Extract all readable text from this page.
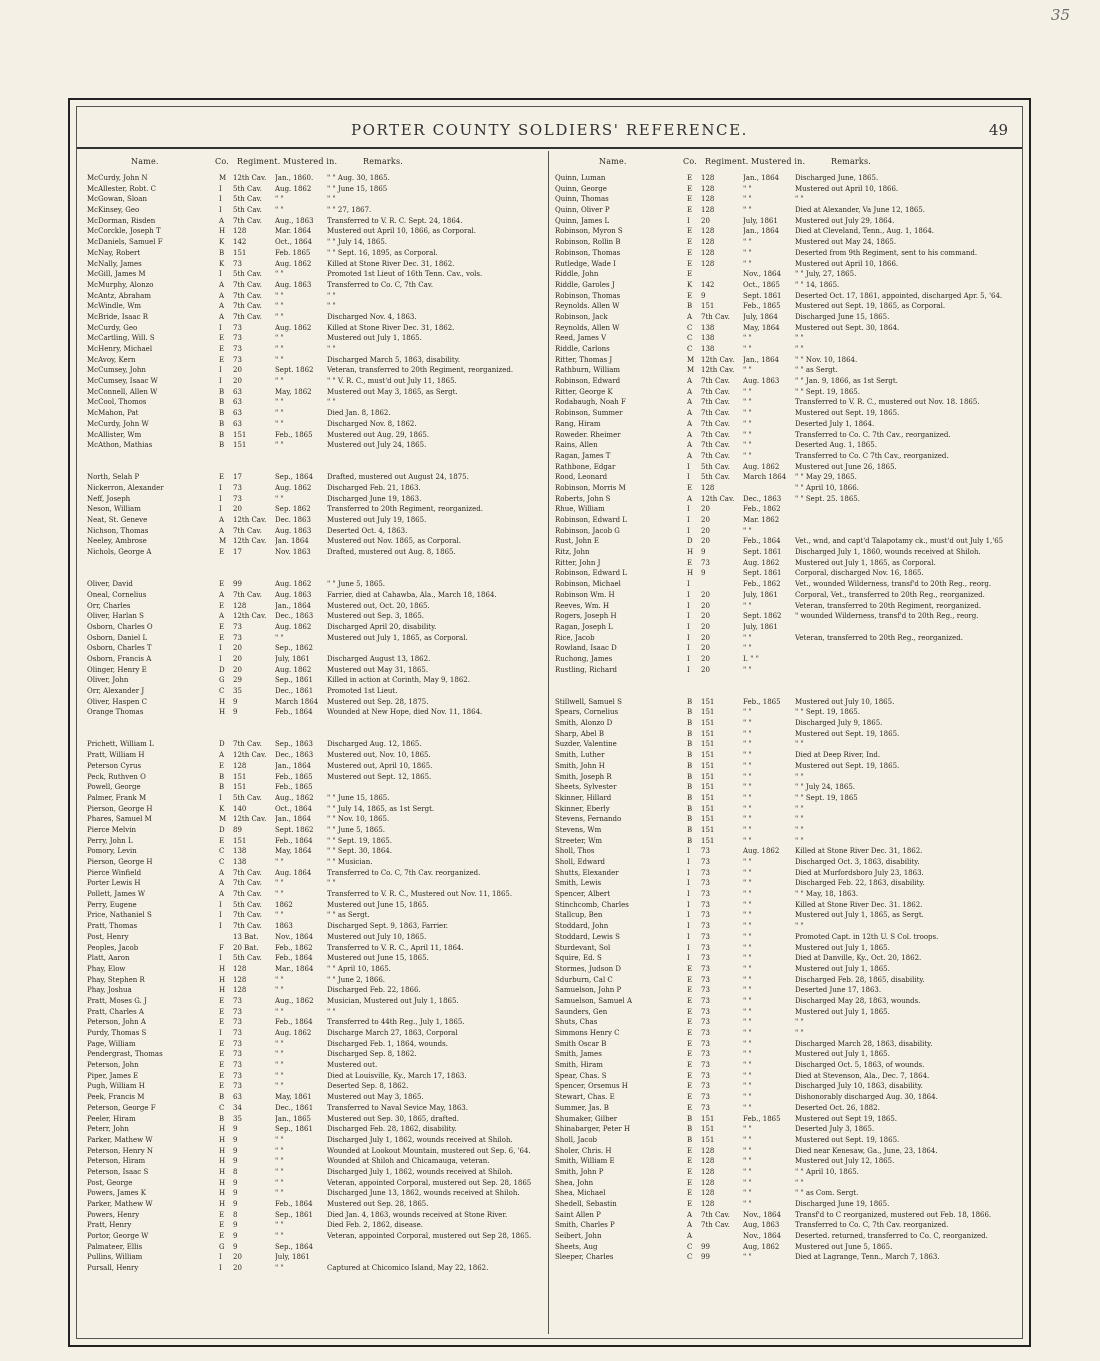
35
PORTER COUNTY SOLDIERS' REFERENCE.	49
Name.	Co. Regiment. Mustered in.	Remarks.
McCurdy, John N	M 12th Cav.	Jan., 1860.	" " Aug. 30, 1865.
McAllester, Robt. C	I	5th Cav.	Aug. 1862	" " June 15, 1865
McGowan, Sloan	I	5th Cav.	" "	" "
McKinsey, Geo	I	5th Cav.	" "	" " 27, 1867.
McDorman, Risden	A	7th Cav.	Aug., 1863	Transferred to V. R. C. Sept. 24, 1864.
McCorckle, Joseph T	H	128	Mar. 1864	Mustered out April 10, 1866, as Corporal.
McDaniels, Samuel F	K	142	Oct., 1864	" " July 14, 1865.
McNay, Robert	B	151	Feb. 1865	" " Sept. 16, 1895, as Corporal.
McNally, James	K	73	Aug. 1862	Killed at Stone River Dec. 31, 1862.
McGill, James M	I	5th Cav.	" "	Promoted 1st Lieut of 16th Tenn. Cav., vols.
McMurphy, Alonzo	A	7th Cav.	Aug. 1863	Transferred to Co. C, 7th Cav.
McAntz, Abraham	A	7th Cav.	" "	" "
McWindle, Wm	A	7th Cav.	" "	" "
McBride, Isaac R	A	7th Cav.	" "	Discharged Nov. 4, 1863.
McCurdy, Geo	I	73	Aug. 1862	Killed at Stone River Dec. 31, 1862.
McCartling, Will. S	E	73	" "	Mustered out July 1, 1865.
McHenry, Michael	E	73	" "	" "
McAvoy, Kern	E	73	" "	Discharged March 5, 1863, disability.
McCumsey, John	I	20	Sept. 1862	Veteran, transferred to 20th Regiment, reorganized.
McCumsey, Isaac W	I	20	" "	" " V. R. C., must'd out July 11, 1865.
McConnell, Allen W	B	63	May, 1862	Mustered out May 3, 1865, as Sergt.
McCool, Thomos	B	63	" "	" "
McMahon, Pat	B	63	" "	Died Jan. 8, 1862.
McCurdy, John W	B	63	" "	Discharged Nov. 8, 1862.
McAllister, Wm	B	151	Feb., 1865	Mustered out Aug. 29, 1865.
McAthon, Mathias	B	151	" "	Mustered out July 24, 1865.
North, Selah P	E	17	Sep., 1864	Drafted, mustered out August 24, 1875.
Nickerron, Alexander	I	73	Aug. 1862	Discharged Feb. 21, 1863.
Neff, Joseph	I	73	" "	Discharged June 19, 1863.
Neson, William	I	20	Sep. 1862	Transferred to 20th Regiment, reorganized.
Neat, St. Geneve	A	12th Cav.	Dec. 1863	Mustered out July 19, 1865.
Nichson, Thomas	A	7th Cav.	Aug. 1863	Deserted Oct. 4, 1863.
Neeley, Ambrose	M 12th Cav.	Jan. 1864	Mustered out Nov. 1865, as Corporal.
Nichols, George A	E	17	Nov. 1863	Drafted, mustered out Aug. 8, 1865.
Oliver, David	E	99	Aug. 1862	" " June 5, 1865.
Oneal, Cornelius	A	7th Cav.	Aug. 1863	Farrier, died at Cahawba, Ala., March 18, 1864.
Orr, Charles	E	128	Jan., 1864	Mustered out, Oct. 20, 1865.
Oliver, Harlan S	A	12th Cav.	Dec., 1863	Mustered out Sep. 3, 1865.
Osborn, Charles O	E	73	Aug. 1862	Discharged April 20, disability.
Osborn, Daniel L	E	73	" "	Mustered out July 1, 1865, as Corporal.
Osborn, Charles T	I	20	Sep., 1862
Osborn, Francis A	I	20	July, 1861	Discharged August 13, 1862.
Olinger, Henry E	D	20	Aug. 1862	Mustered out May 31, 1865.
Oliver, John	G	29	Sep., 1861	Killed in action at Corinth, May 9, 1862.
Orr, Alexander J	C	35	Dec., 1861	Promoted 1st Lieut.
Oliver, Haspen C	H	9	March 1864	Mustered out Sep. 28, 1875.
Orange Thomas	H	9	Feb., 1864	Wounded at New Hope, died Nov. 11, 1864.
Prichett, William L	D	7th Cav.	Sep., 1863	Discharged Aug. 12, 1865.
Pratt, William H	A	12th Cav.	Dec., 1863	Mustered out, Nov. 10, 1865.
Peterson Cyrus	E	128	Jan., 1864	Mustered out, April 10, 1865.
Peck, Ruthven O	B	151	Feb., 1865	Mustered out Sept. 12, 1865.
Powell, George	B	151	Feb., 1865
Palmer, Frank M	I	5th Cav.	Aug., 1862	" " June 15, 1865.
Pierson, George H	K	140	Oct., 1864	" " July 14, 1865, as 1st Sergt.
Phares, Samuel M	M 12th Cav.	Jan., 1864	" " Nov. 10, 1865.
Pierce Melvin	D	89	Sept. 1862	" " June 5, 1865.
Perry, John L	E	151	Feb., 1864	" " Sept. 19, 1865.
Pomory, Levin	C	138	May, 1864	" " Sept. 30, 1864.
Pierson, George H	C	138	" "	" " Musician.
Pierce Winfield	A	7th Cav.	Aug. 1864	Transferred to Co. C, 7th Cav. reorganized.
Porter Lewis H	A	7th Cav.	" "	" "
Pollett, James W	A	7th Cav.	" "	Transferred to V. R. C., Mustered out Nov. 11, 1865.
Perry, Eugene	I	5th Cav.	1862	Mustered out June 15, 1865.
Price, Nathaniel S	I	7th Cav.	" "	" " as Sergt.
Pratt, Thomas	I	7th Cav.	1863	Discharged Sept. 9, 1863, Farrier.
Post, Henry	13 Bat.	Nov., 1864	Mustered out July 10, 1865.
Peoples, Jacob	F	20 Bat.	Feb., 1862	Transferred to V. R. C., April 11, 1864.
Platt, Aaron	I	5th Cav.	Feb., 1864	Mustered out June 15, 1865.
Phay, Elow	H	128	Mar., 1864	" " April 10, 1865.
Phay, Stephen R	H	128	" "	" " June 2, 1866.
Phay, Joshua	H	128	" "	Discharged Feb. 22, 1866.
Pratt, Moses G. J	E	73	Aug., 1862	Musician, Mustered out July 1, 1865.
Pratt, Charles A	E	73	" "	" "
Peterson, John A	E	73	Feb., 1864	Transferred to 44th Reg., July 1, 1865.
Purdy, Thomas S	I	73	Aug. 1862	Discharge March 27, 1863, Corporal
Page, William	E	73	" "	Discharged Feb. 1, 1864, wounds.
Pendergrast, Thomas	E	73	" "	Discharged Sep. 8, 1862.
Peterson, John	E	73	" "	Mustered out.
Piper, James E	E	73	" "	Died at Louisville, Ky., March 17, 1863.
Pugh, William H	E	73	" "	Deserted Sep. 8, 1862.
Peek, Francis M	B	63	May, 1861	Mustered out May 3, 1865.
Peterson, George F	C	34	Dec., 1861	Transferred to Naval Sevice May, 1863.
Peeler, Hiram	B	35	Jan., 1865	Mustered out Sep. 30, 1865, drafted.
Peterr, John	H	9	Sep., 1861	Discharged Feb. 28, 1862, disability.
Parker, Mathew W	H	9	" "	Discharged July 1, 1862, wounds received at Shiloh.
Peterson, Henry N	H	9	" "	Wounded at Lookout Mountain, mustered out Sep. 6, '64.
Peterson, Hiram	H	9	" "	Wounded at Shiloh and Chicamauga, veteran.
Peterson, Isaac S	H	8	" "	Discharged July 1, 1862, wounds received at Shiloh.
Post, George	H	9	" "	Veteran, appointed Corporal, mustered out Sep. 28, 1865
Powers, James K	H	9	" "	Discharged June 13, 1862, wounds received at Shiloh.
Parker, Mathew W	H	9	Feb., 1864	Mustered out Sep. 28, 1865.
Powers, Henry	E	8	Sep., 1861	Died Jan. 4, 1863, wounds received at Stone River.
Pratt, Henry	E	9	" "	Died Feb. 2, 1862, disease.
Portor, George W	E	9	" "	Veteran, appointed Corporal, mustered out Sep 28, 1865.
Palmateer, Ellis	G	9	Sep., 1864
Pullins, William	I	20	July, 1861
Pursall, Henry	I	20	" "	Captured at Chicomico Island, May 22, 1862.
Name.	Co. Regiment. Mustered in.	Remarks.
Quinn, Luman	E	128	Jan., 1864	Discharged June, 1865.
Quinn, George	E	128	" "	Mustered out April 10, 1866.
Quinn, Thomas	E	128	" "	" "
Quinn, Oliver P	E	128	" "	Died at Alexander, Va June 12, 1865.
Quinn, James L	I	20	July, 1861	Mustered out July 29, 1864.
Robinson, Myron S	E	128	Jan., 1864	Died at Cleveland, Tenn., Aug. 1, 1864.
Robinson, Rollin B	E	128	" "	Mustered out May 24, 1865.
Robinson, Thomas	E	128	" "	Deserted from 9th Regiment, sent to his command.
Rutledge, Wade I	E	128	" "	Mustered out April 10, 1866.
Riddle, John	E	Nov., 1864	" " July, 27, 1865.
Riddle, Garoles J	K	142	Oct., 1865	" " 14, 1865.
Robinson, Thomas	E	9	Sept. 1861	Deserted Oct. 17, 1861, appointed, discharged Apr. 5, '64.
Reynolds. Allen W	B	151	Feb., 1865	Mustered out Sept. 19, 1865, as Corporal.
Robinson, Jack	A	7th Cav.	July, 1864	Discharged June 15, 1865.
Reynolds, Allen W	C	138	May, 1864	Mustered out Sept. 30, 1864.
Reed, James V	C	138	" "	" "
Riddle, Carlons	C	138	" "	" "
Ritter, Thomas J	M 12th Cav.	Jan., 1864	" " Nov. 10, 1864.
Rathburn, William	M 12th Cav.	" "	" " as Sergt.
Robinson, Edward	A	7th Cav.	Aug. 1863	" " Jan. 9, 1866, as 1st Sergt.
Ritter, George K	A	7th Cav.	" "	" " Sept. 19, 1865.
Rodabaugh, Noah F	A	7th Cav.	" "	Transferred to V. R. C., mustered out Nov. 18. 1865.
Robinson, Summer	A	7th Cav.	" "	Mustered out Sept. 19, 1865.
Rang, Hiram	A	7th Cav.	" "	Deserted July 1, 1864.
Roweder. Rheimer	A	7th Cav.	" "	Transferred to Co. C. 7th Cav., reorganized.
Rains, Allen	A	7th Cav.	" "	Deserted Aug. 1, 1865.
Ragan, James T	A	7th Cav.	" "	Transferred to Co. C 7th Cav., reorganized.
Rathbone, Edgar	I	5th Cav.	Aug. 1862	Mustered out June 26, 1865.
Rood, Leonard	I	5th Cav.	March 1864	" " May 29, 1865.
Robinson, Morris M	E	128	" " April 10, 1866.
Roberts, John S	A	12th Cav.	Dec., 1863	" " Sept. 25. 1865.
Rhue, William	I	20	Feb., 1862
Robinson, Edward L	I	20	Mar. 1862
Robinson, Jacob G	I	20	" "
Rust, John E	D	20	Feb., 1864	Vet., wnd, and capt'd Talapotamy ck., must'd out July 1,'65
Ritz, John	H	9	Sept. 1861	Discharged July 1, 1860, wounds received at Shiloh.
Ritter, John J	E	73	Aug. 1862	Mustered out July 1, 1865, as Corporal.
Robinson, Edward L	H	9	Sept. 1861	Corporal, discharged Nov. 16, 1865.
Robinson, Michael	I	Feb., 1862	Vet., wounded Wilderness, transf'd to 20th Reg., reorg.
Robinson Wm. H	I	20	July, 1861	Corporal, Vet., transferred to 20th Reg., reorganized.
Reeves, Wm. H	I	20	" "	Veteran, transferred to 20th Regiment, reorganized.
Rogers, Joseph H	I	20	Sept. 1862	" wounded Wilderness, transf'd to 20th Reg., reorg.
Ragan, Joseph L	I	20	July, 1861
Rice, Jacob	I	20	" "	Veteran, transferred to 20th Reg., reorganized.
Rowland, Isaac D	I	20	" "
Ruchong, James	I	20	I. " "
Rustling, Richard	I	20	" "
Stillwell, Samuel S	B	151	Feb., 1865	Mustered out July 10, 1865.
Spears, Cornelius	B	151	" "	" " Sept. 19, 1865.
Smith, Alonzo D	B	151	" "	Discharged July 9, 1865.
Sharp, Abel B	B	151	" "	Mustered out Sept. 19, 1865.
Suzder, Valentine	B	151	" "	" "
Smith, Luther	B	151	" "	Died at Deep River, Ind.
Smith, John H	B	151	" "	Mustered out Sept. 19, 1865.
Smith, Joseph R	B	151	" "	" "
Sheets, Sylvester	B	151	" "	" " July 24, 1865.
Skinner, Hillard	B	151	" "	" " Sept. 19, 1865
Skinner, Eberly	B	151	" "	" "
Stevens, Fernando	B	151	" "	" "
Stevens, Wm	B	151	" "	" "
Streeter, Wm	B	151	" "	" "
Sholl, Thos	I	73	Aug. 1862	Killed at Stone River Dec. 31, 1862.
Sholl, Edward	I	73	" "	Discharged Oct. 3, 1863, disability.
Shutts, Elexander	I	73	" "	Died at Murfordsboro July 23, 1863.
Smith, Lewis	I	73	" "	Discharged Feb. 22, 1863, disability.
Spencer, Albert	I	73	" "	" " May, 18, 1863.
Stinchcomb, Charles	I	73	" "	Killed at Stone River Dec. 31. 1862.
Stallcup, Ben	I	73	" "	Mustered out July 1, 1865, as Sergt.
Stoddard, John	I	73	" "	" "
Stoddard, Lewis S	I	73	" "	Promoted Capt. in 12th U. S Col. troops.
Sturdevant, Sol	I	73	" "	Mustered out July 1, 1865.
Squire, Ed. S	I	73	" "	Died at Danville, Ky., Oct. 20, 1862.
Stormes, Judson D	E	73	" "	Mustered out July 1, 1865.
Sdurburn, Cal C	E	73	" "	Discharged Feb. 28, 1865, disability.
Samuelson, John P	E	73	" "	Deserted June 17, 1863.
Samuelson, Samuel A	E	73	" "	Discharged May 28, 1863, wounds.
Saunders, Gen	E	73	" "	Mustered out July 1, 1865.
Shuts, Chas	E	73	" "	" "
Simmons Henry C	E	73	" "	" "
Smith Oscar B	E	73	" "	Discharged March 28, 1863, disability.
Smith, James	E	73	" "	Mustered out July 1, 1865.
Smith, Hiram	E	73	" "	Discharged Oct. 5, 1863, of wounds.
Spear, Chas. S	E	73	" "	Died at Stevenson, Ala., Dec. 7, 1864.
Spencer, Orsemus H	E	73	" "	Discharged July 10, 1863, disability.
Stewart, Chas. E	E	73	" "	Dishonorably discharged Aug. 30, 1864.
Summer, Jas. B	E	73	" "	Deserted Oct. 26, 1882.
Shumaker, Gilber	B	151	Feb., 1865	Mustered out Sept 19, 1865.
Shinabarger, Peter H	B	151	" "	Deserted July 3, 1865.
Sholl, Jacob	B	151	" "	Mustered out Sept. 19, 1865.
Sholer, Chris. H	E	128	" "	Died near Kenesaw, Ga., June, 23, 1864.
Smith, William E	E	128	" "	Mustered out July 12, 1865.
Smith, John P	E	128	" "	" " April 10, 1865.
Shea, John	E	128	" "	" "
Shea, Michael	E	128	" "	" " as Com. Sergt.
Shedell, Sebastin	E	128	" "	Discharged June 19, 1865.
Saint Allen P	A	7th Cav.	Nov., 1864	Transf'd to C reorganized, mustered out Feb. 18, 1866.
Smith, Charles P	A	7th Cav.	Aug, 1863	Transferred to Co. C, 7th Cav. reorganized.
Seibert, John	A	Nov., 1864	Deserted. returned, transferred to Co. C, reorganized.
Sheets, Aug	C	99	Aug, 1862	Mustered out June 5, 1865.
Sleeper, Charles	C	99	" "	Died at Lagrange, Tenn., March 7, 1863.
